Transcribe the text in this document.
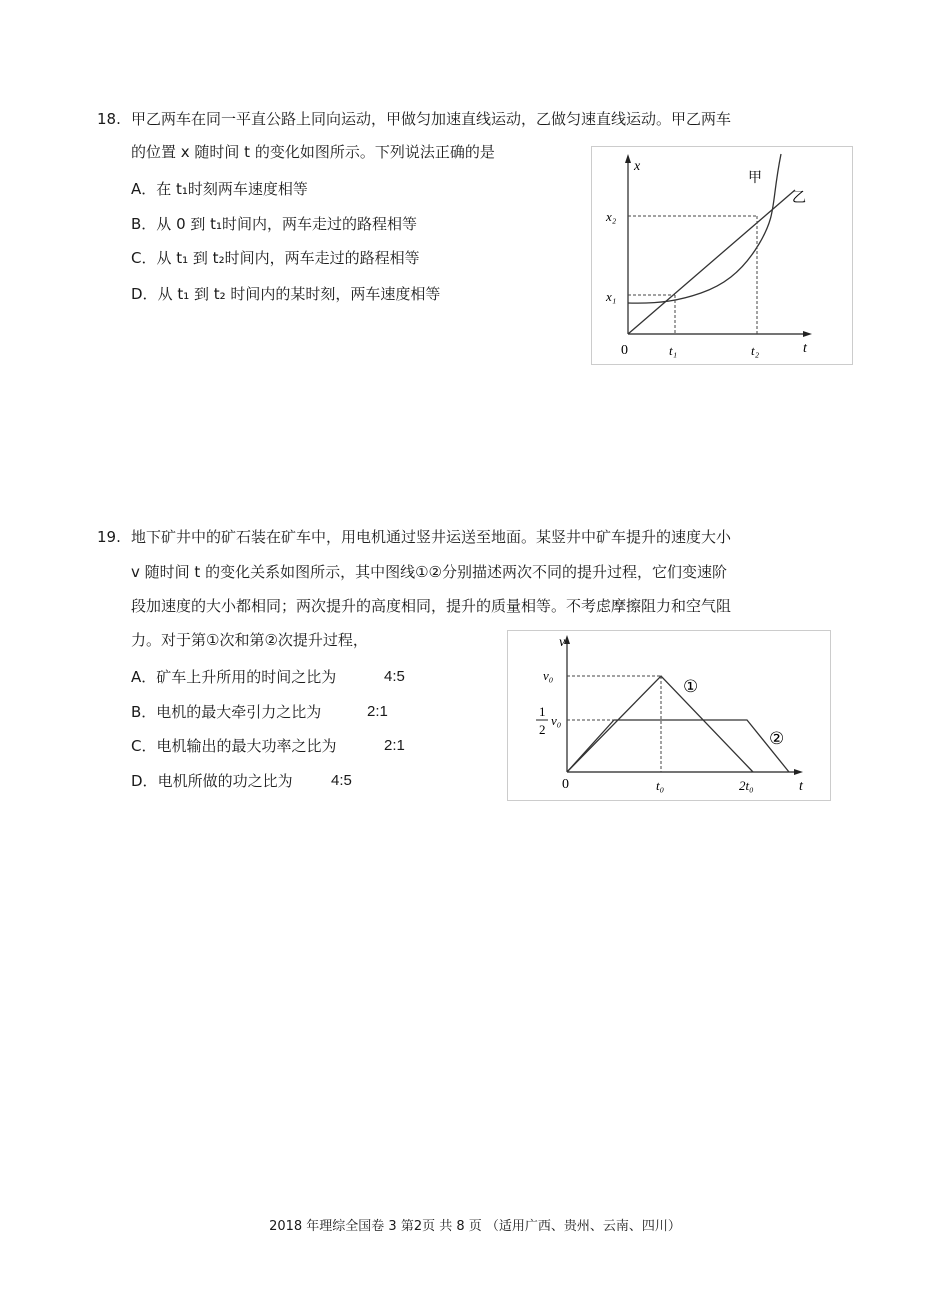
18. 甲乙两车在同一平直公路上同向运动，甲做匀加速直线运动，乙做匀速直线运动。甲乙两车
的位置 x 随时间 t 的变化如图所示。下列说法正确的是
A．在 t₁时刻两车速度相等
B．从 0 到 t₁时间内，两车走过的路程相等
C．从 t₁ 到 t₂时间内，两车走过的路程相等
D．从 t₁ 到 t₂ 时间内的某时刻，两车速度相等
x
t
0
x₂
x₁
t₁	t₂
甲
乙
19. 地下矿井中的矿石装在矿车中，用电机通过竖井运送至地面。某竖井中矿车提升的速度大小
v 随时间 t 的变化关系如图所示，其中图线①②分别描述两次不同的提升过程，它们变速阶
段加速度的大小都相同；两次提升的高度相同，提升的质量相等。不考虑摩擦阻力和空气阻
力。对于第①次和第②次提升过程，
A．矿车上升所用的时间之比为	4:5
B．电机的最大牵引力之比为	2:1
C．电机输出的最大功率之比为	2:1
D．电机所做的功之比为	4:5
v
t
0
v₀
1
2
v₀
t₀	2t₀
①
②
2018 年理综全国卷 3 第2页 共 8 页 （适用广西、贵州、云南、四川）
